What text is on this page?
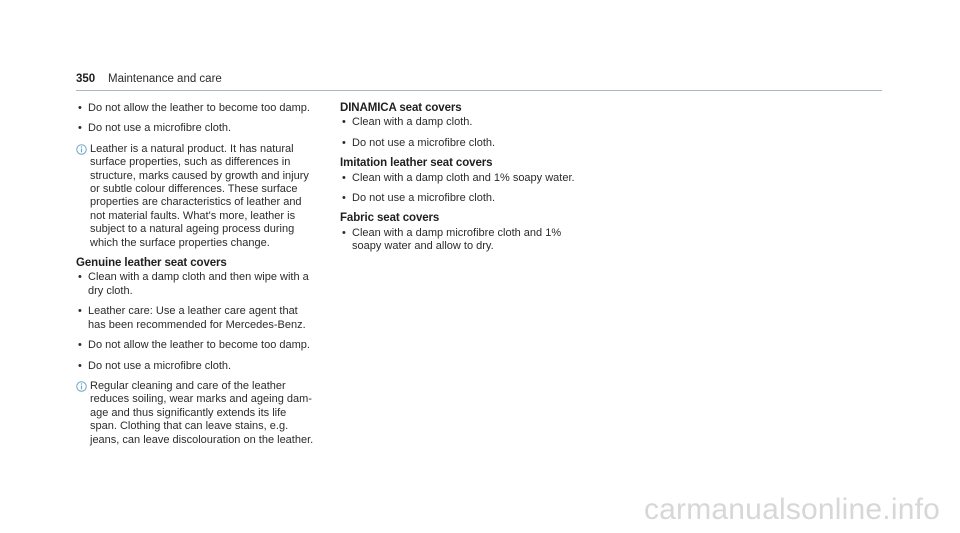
350 Maintenance and care
• Do not allow the leather to become too damp.
• Do not use a microfibre cloth.
Leather is a natural product. It has natural
surface properties, such as differences in
structure, marks caused by growth and injury
or subtle colour differences. These surface
properties are characteristics of leather and
not material faults. What's more, leather is
subject to a natural ageing process during
which the surface properties change.
Genuine leather seat covers
• Clean with a damp cloth and then wipe with a
dry cloth.
• Leather care: Use a leather care agent that
has been recommended for Mercedes-Benz.
• Do not allow the leather to become too damp.
• Do not use a microfibre cloth.
Regular cleaning and care of the leather
reduces soiling, wear marks and ageing dam-
age and thus significantly extends its life
span. Clothing that can leave stains, e.g.
jeans, can leave discolouration on the leather.
DINAMICA seat covers
• Clean with a damp cloth.
• Do not use a microfibre cloth.
Imitation leather seat covers
• Clean with a damp cloth and 1% soapy water.
• Do not use a microfibre cloth.
Fabric seat covers
• Clean with a damp microfibre cloth and 1%
soapy water and allow to dry.
carmanualsonline.info
